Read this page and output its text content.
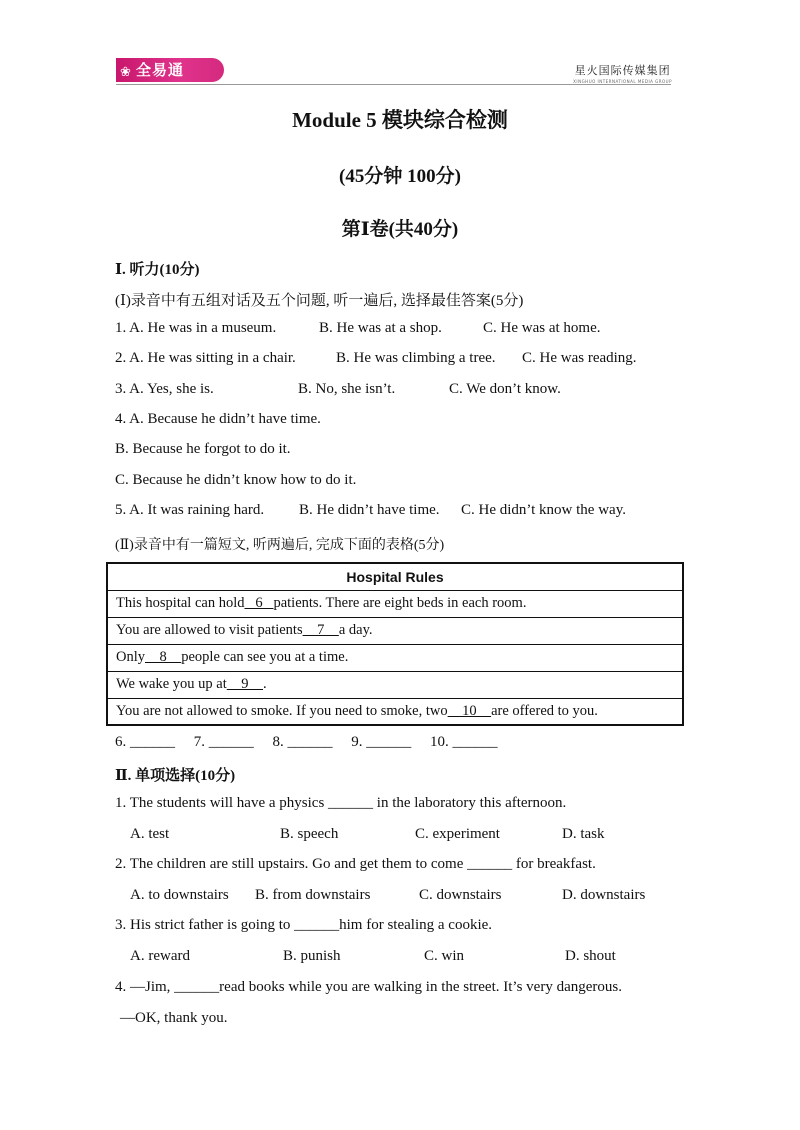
❀ 全易通	星火国际传媒集团
XINGHUO INTERNATIONAL MEDIA GROUP
Module 5 模块综合检测
(45分钟 100分)
第Ⅰ卷(共40分)
Ⅰ. 听力(10分)
(Ⅰ)录音中有五组对话及五个问题, 听一遍后, 选择最佳答案(5分)
1. A. He was in a museum.	B. He was at a shop.	C. He was at home.
2. A. He was sitting in a chair.	B. He was climbing a tree. C. He was reading.
3. A. Yes, she is.	B. No, she isn’t.	C. We don’t know.
4. A. Because he didn’t have time.
B. Because he forgot to do it.
C. Because he didn’t know how to do it.
5. A. It was raining hard. B. He didn’t have time. C. He didn’t know the way.
(Ⅱ)录音中有一篇短文, 听两遍后, 完成下面的表格(5分)
Hospital Rules
This hospital can hold   6   patients. There are eight beds in each room.
You are allowed to visit patients    7    a day.
Only    8    people can see you at a time.
We wake you up at    9    .
You are not allowed to smoke. If you need to smoke, two    10    are offered to you.
6. ______     7. ______     8. ______     9. ______     10. ______
Ⅱ. 单项选择(10分)
1. The students will have a physics ______ in the laboratory this afternoon.
A. test	B. speech	C. experiment	D. task
2. The children are still upstairs. Go and get them to come ______ for breakfast.
A. to downstairs B. from downstairs	C. downstairs	D. downstairs
3. His strict father is going to ______him for stealing a cookie.
A. reward	B. punish	C. win	D. shout
4. —Jim, ______read books while you are walking in the street. It’s very dangerous.
—OK, thank you.
